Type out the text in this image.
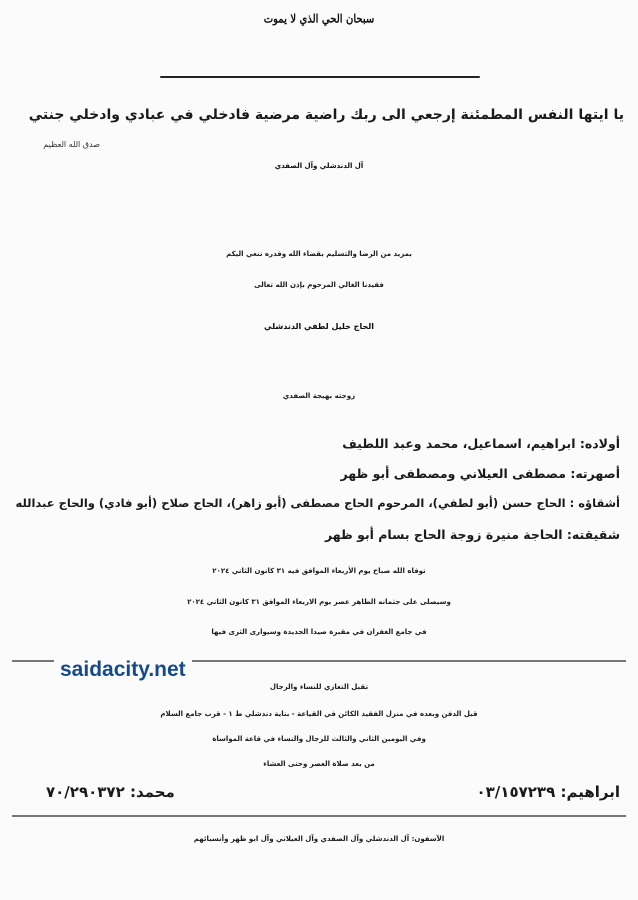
سبحان الحي الذي لا يموت
يا ايتها النفس المطمئنة إرجعي الى ربك راضية مرضية فادخلي في عبادي وادخلي جنتي
صدق الله العظيم
آل الدندشلي وآل الصفدي
بمزيد من الرضا والتسليم بقضاء الله وقدره ننعي اليكم
فقيدنا الغالي المرحوم بإذن الله تعالى
الحاج خليل لطفي الدندشلي
زوجته بهيجة الصفدي
أولاده: ابراهيم، اسماعيل، محمد وعبد اللطيف
أصهرته: مصطفى العيلاني ومصطفى أبو ظهر
أشقاؤه : الحاج حسن (أبو لطفي)، المرحوم الحاج مصطفى (أبو زاهر)، الحاج صلاح (أبو فادي) والحاج عبدالله
شقيقته: الحاجة منيرة زوجة الحاج بسام أبو ظهر
توفاه الله صباح يوم الأربعاء الموافق فيه ٣١ كانون الثاني ٢٠٢٤
وسيصلى على جثمانه الطاهر عصر يوم الاربعاء الموافق ٣١ كانون الثاني ٢٠٢٤
في جامع الغفران في مقبرة صيدا الجديدة وسيوارى الثرى فيها
saidacity.net
تقبل التعازي للنساء والرجال
قبل الدفن وبعده في منزل الفقيد الكائن في القياعة - بناية دندشلي ط ١ - قرب جامع السلام
وفي اليومين الثاني والثالث للرجال والنساء في قاعة المواساة
من بعد صلاة العصر وحتى العشاء
ابراهيم: ٠٣/١٥٧٢٣٩
محمد: ٧٠/٢٩٠٣٧٢
الآسفون: آل الدندشلي وآل الصفدي وآل العيلاني وآل ابو ظهر وأنسبائهم
